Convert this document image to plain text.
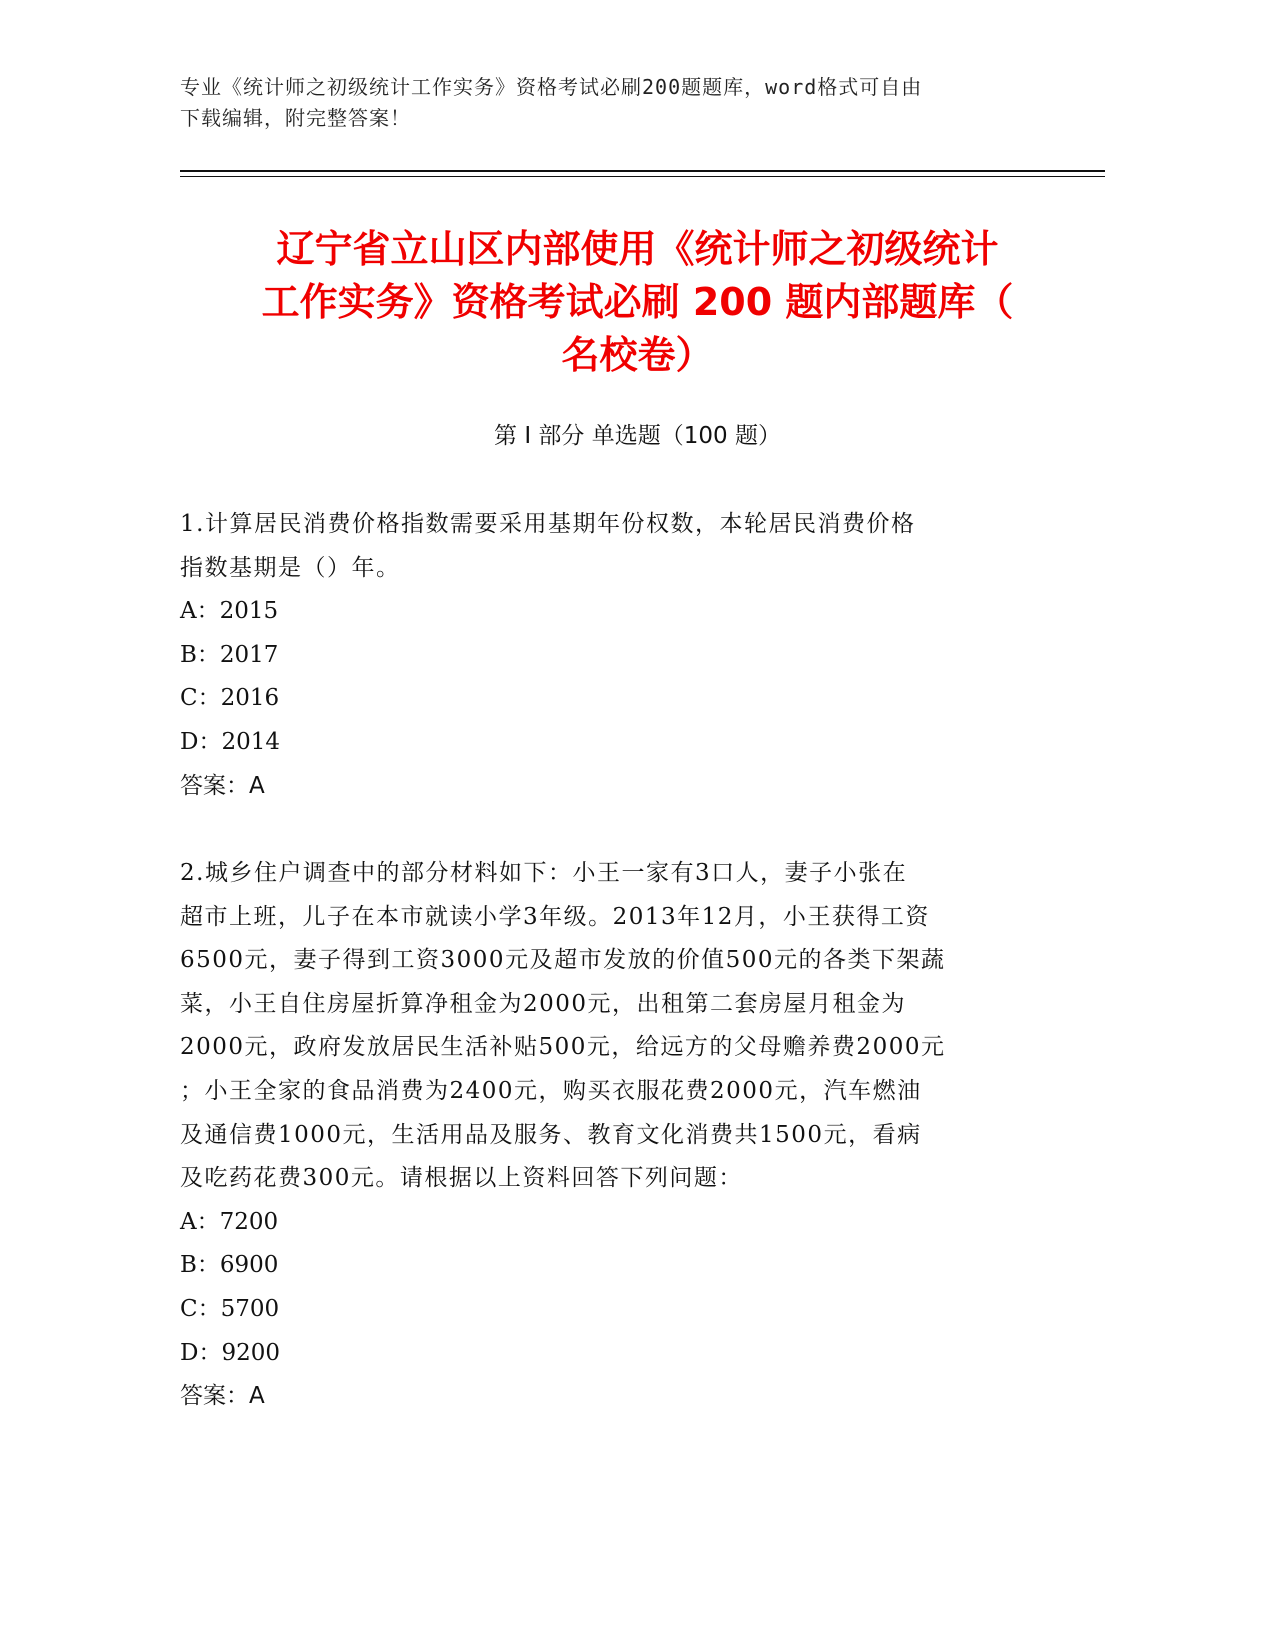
专业《统计师之初级统计工作实务》资格考试必刷200题题库，word格式可自由
下载编辑，附完整答案！
辽宁省立山区内部使用《统计师之初级统计
工作实务》资格考试必刷 200 题内部题库（
名校卷）
第 I 部分 单选题（100 题）
1.计算居民消费价格指数需要采用基期年份权数，本轮居民消费价格
指数基期是（）年。
A：2015
B：2017
C：2016
D：2014
答案：A
2.城乡住户调查中的部分材料如下：小王一家有3口人，妻子小张在
超市上班，儿子在本市就读小学3年级。2013年12月，小王获得工资
6500元，妻子得到工资3000元及超市发放的价值500元的各类下架蔬
菜，小王自住房屋折算净租金为2000元，出租第二套房屋月租金为
2000元，政府发放居民生活补贴500元，给远方的父母赡养费2000元
；小王全家的食品消费为2400元，购买衣服花费2000元，汽车燃油
及通信费1000元，生活用品及服务、教育文化消费共1500元，看病
及吃药花费300元。请根据以上资料回答下列问题：
A：7200
B：6900
C：5700
D：9200
答案：A
